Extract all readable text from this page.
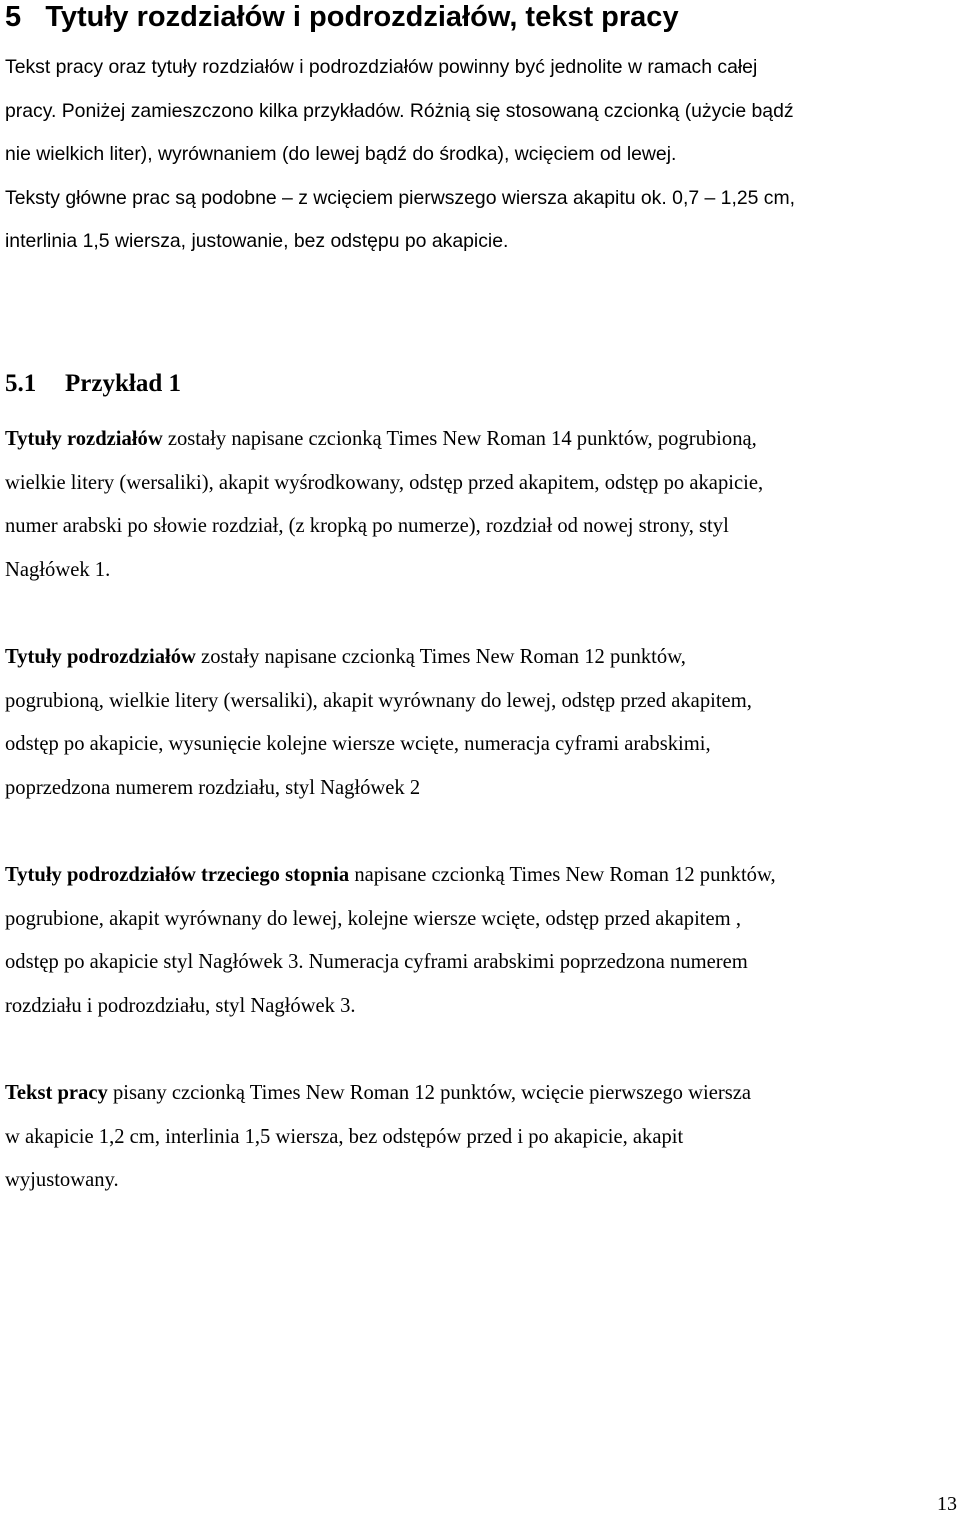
5 Tytuły rozdziałów i podrozdziałów, tekst pracy
Tekst pracy oraz tytuły rozdziałów i podrozdziałów powinny być jednolite w ramach całej
pracy. Poniżej zamieszczono kilka przykładów. Różnią się stosowaną czcionką (użycie bądź
nie wielkich liter), wyrównaniem (do lewej bądź do środka), wcięciem od lewej.
Teksty główne prac są podobne – z wcięciem pierwszego wiersza akapitu ok. 0,7 – 1,25 cm,
interlinia 1,5 wiersza, justowanie, bez odstępu po akapicie.
5.1 Przykład 1
Tytuły rozdziałów zostały napisane czcionką Times New Roman 14 punktów, pogrubioną,
wielkie litery (wersaliki), akapit wyśrodkowany, odstęp przed akapitem, odstęp po akapicie,
numer arabski po słowie rozdział, (z kropką po numerze), rozdział od nowej strony, styl
Nagłówek 1.
Tytuły podrozdziałów zostały napisane czcionką Times New Roman 12 punktów,
pogrubioną, wielkie litery (wersaliki), akapit wyrównany do lewej, odstęp przed akapitem,
odstęp po akapicie, wysunięcie kolejne wiersze wcięte, numeracja cyframi arabskimi,
poprzedzona numerem rozdziału, styl Nagłówek 2
Tytuły podrozdziałów trzeciego stopnia napisane czcionką Times New Roman 12 punktów,
pogrubione, akapit wyrównany do lewej, kolejne wiersze wcięte, odstęp przed akapitem ,
odstęp po akapicie styl Nagłówek 3. Numeracja cyframi arabskimi poprzedzona numerem
rozdziału i podrozdziału, styl Nagłówek 3.
Tekst pracy pisany czcionką Times New Roman 12 punktów, wcięcie pierwszego wiersza
w akapicie 1,2 cm, interlinia 1,5 wiersza, bez odstępów przed i po akapicie, akapit
wyjustowany.
13
